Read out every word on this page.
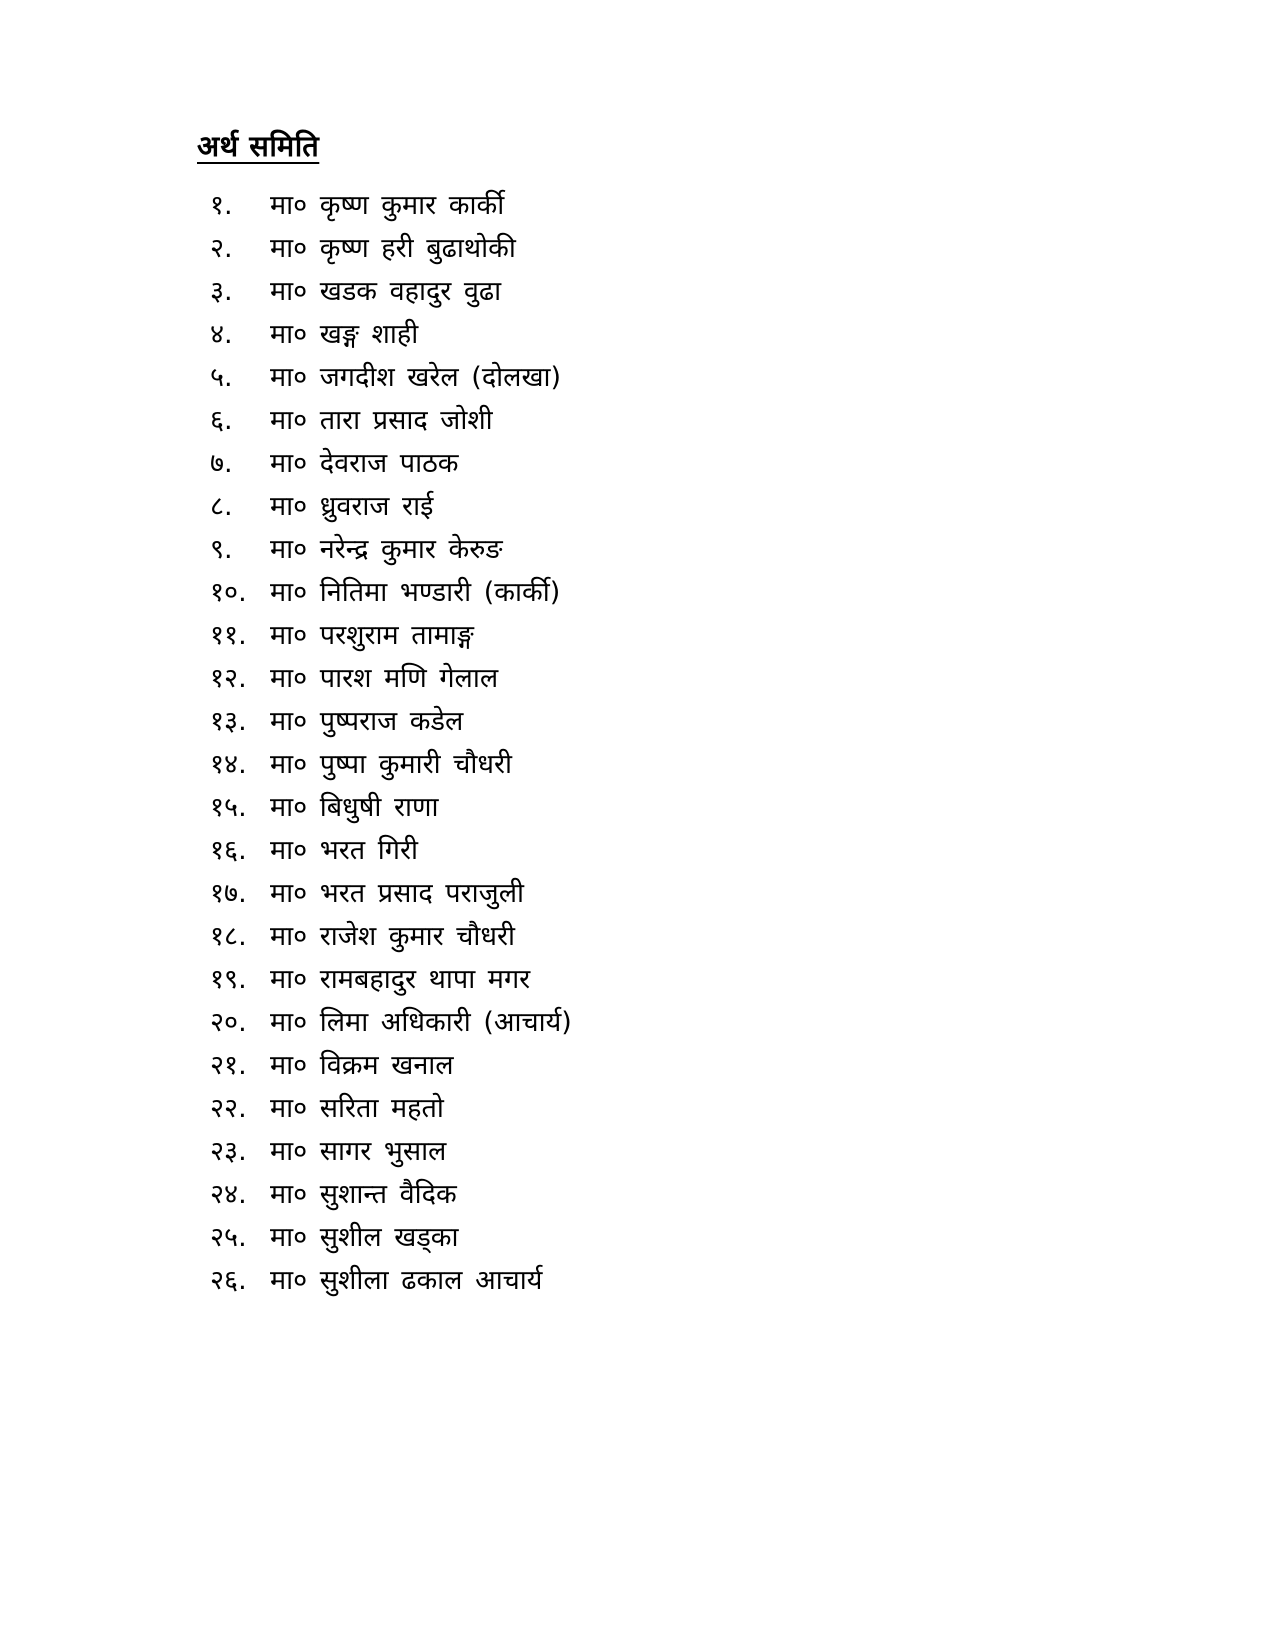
अर्थ समिति
१.	मा० कृष्ण कुमार कार्की
२.	मा० कृष्ण हरी बुढाथोकी
३.	मा० खडक वहादुर वुढा
४.	मा० खङ्ग शाही
५.	मा० जगदीश खरेल (दोलखा)
६.	मा० तारा प्रसाद जोशी
७.	मा० देवराज पाठक
८.	मा० ध्रुवराज राई
९.	मा० नरेन्द्र कुमार केरुङ
१०. मा० नितिमा भण्डारी (कार्की)
११. मा० परशुराम तामाङ्ग
१२. मा० पारश मणि गेलाल
१३. मा० पुष्पराज कडेल
१४. मा० पुष्पा कुमारी चौधरी
१५. मा० बिधुषी राणा
१६. मा० भरत गिरी
१७. मा० भरत प्रसाद पराजुली
१८. मा० राजेश कुमार चौधरी
१९. मा० रामबहादुर थापा मगर
२०. मा० लिमा अधिकारी (आचार्य)
२१. मा० विक्रम खनाल
२२. मा० सरिता महतो
२३. मा० सागर भुसाल
२४. मा० सुशान्त वैदिक
२५. मा० सुशील खड्का
२६. मा० सुशीला ढकाल आचार्य
